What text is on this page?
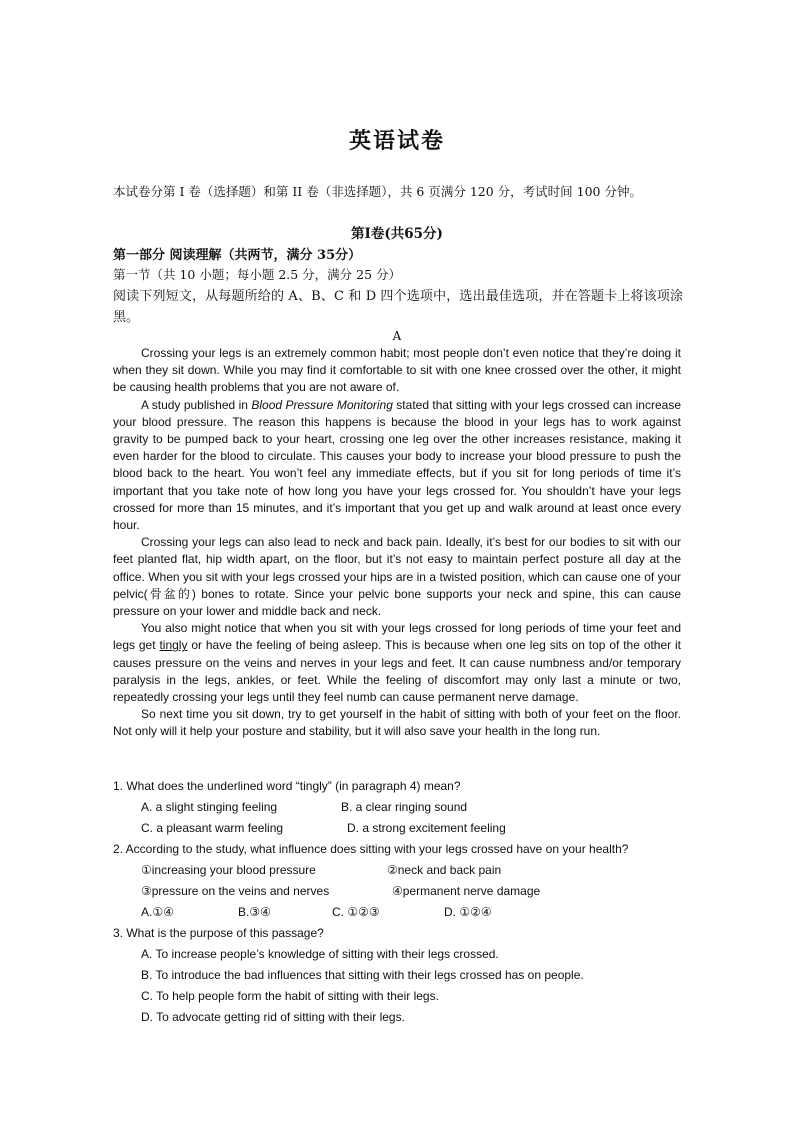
英语试卷
本试卷分第 I 卷（选择题）和第 II 卷（非选择题），共 6 页满分 120 分，考试时间 100 分钟。
第I卷(共65分)
第一部分 阅读理解（共两节，满分 35分）
第一节（共 10 小题；每小题 2.5 分，满分 25 分）
阅读下列短文，从每题所给的 A、B、C 和 D 四个选项中，选出最佳选项，并在答题卡上将该项涂黑。
A

Crossing your legs is an extremely common habit; most people don’t even notice that they’re doing it when they sit down. While you may find it comfortable to sit with one knee crossed over the other, it might be causing health problems that you are not aware of.

A study published in Blood Pressure Monitoring stated that sitting with your legs crossed can increase your blood pressure. The reason this happens is because the blood in your legs has to work against gravity to be pumped back to your heart, crossing one leg over the other increases resistance, making it even harder for the blood to circulate. This causes your body to increase your blood pressure to push the blood back to the heart. You won’t feel any immediate effects, but if you sit for long periods of time it’s important that you take note of how long you have your legs crossed for. You shouldn’t have your legs crossed for more than 15 minutes, and it’s important that you get up and walk around at least once every hour.

Crossing your legs can also lead to neck and back pain. Ideally, it’s best for our bodies to sit with our feet planted flat, hip width apart, on the floor, but it’s not easy to maintain perfect posture all day at the office. When you sit with your legs crossed your hips are in a twisted position, which can cause one of your pelvic(骨盆的) bones to rotate. Since your pelvic bone supports your neck and spine, this can cause pressure on your lower and middle back and neck.

You also might notice that when you sit with your legs crossed for long periods of time your feet and legs get tingly or have the feeling of being asleep. This is because when one leg sits on top of the other it causes pressure on the veins and nerves in your legs and feet. It can cause numbness and/or temporary paralysis in the legs, ankles, or feet. While the feeling of discomfort may only last a minute or two, repeatedly crossing your legs until they feel numb can cause permanent nerve damage.

So next time you sit down, try to get yourself in the habit of sitting with both of your feet on the floor. Not only will it help your posture and stability, but it will also save your health in the long run.

1. What does the underlined word “tingly” (in paragraph 4) mean?
A. a slight stinging feeling	B. a clear ringing sound
C. a pleasant warm feeling	D. a strong excitement feeling
2. According to the study, what influence does sitting with your legs crossed have on your health?
①increasing your blood pressure	②neck and back pain
③pressure on the veins and nerves	④permanent nerve damage
A.①④	B.③④	C. ①②③	D. ①②④
3. What is the purpose of this passage?
A. To increase people’s knowledge of sitting with their legs crossed.
B. To introduce the bad influences that sitting with their legs crossed has on people.
C. To help people form the habit of sitting with their legs.
D. To advocate getting rid of sitting with their legs.
